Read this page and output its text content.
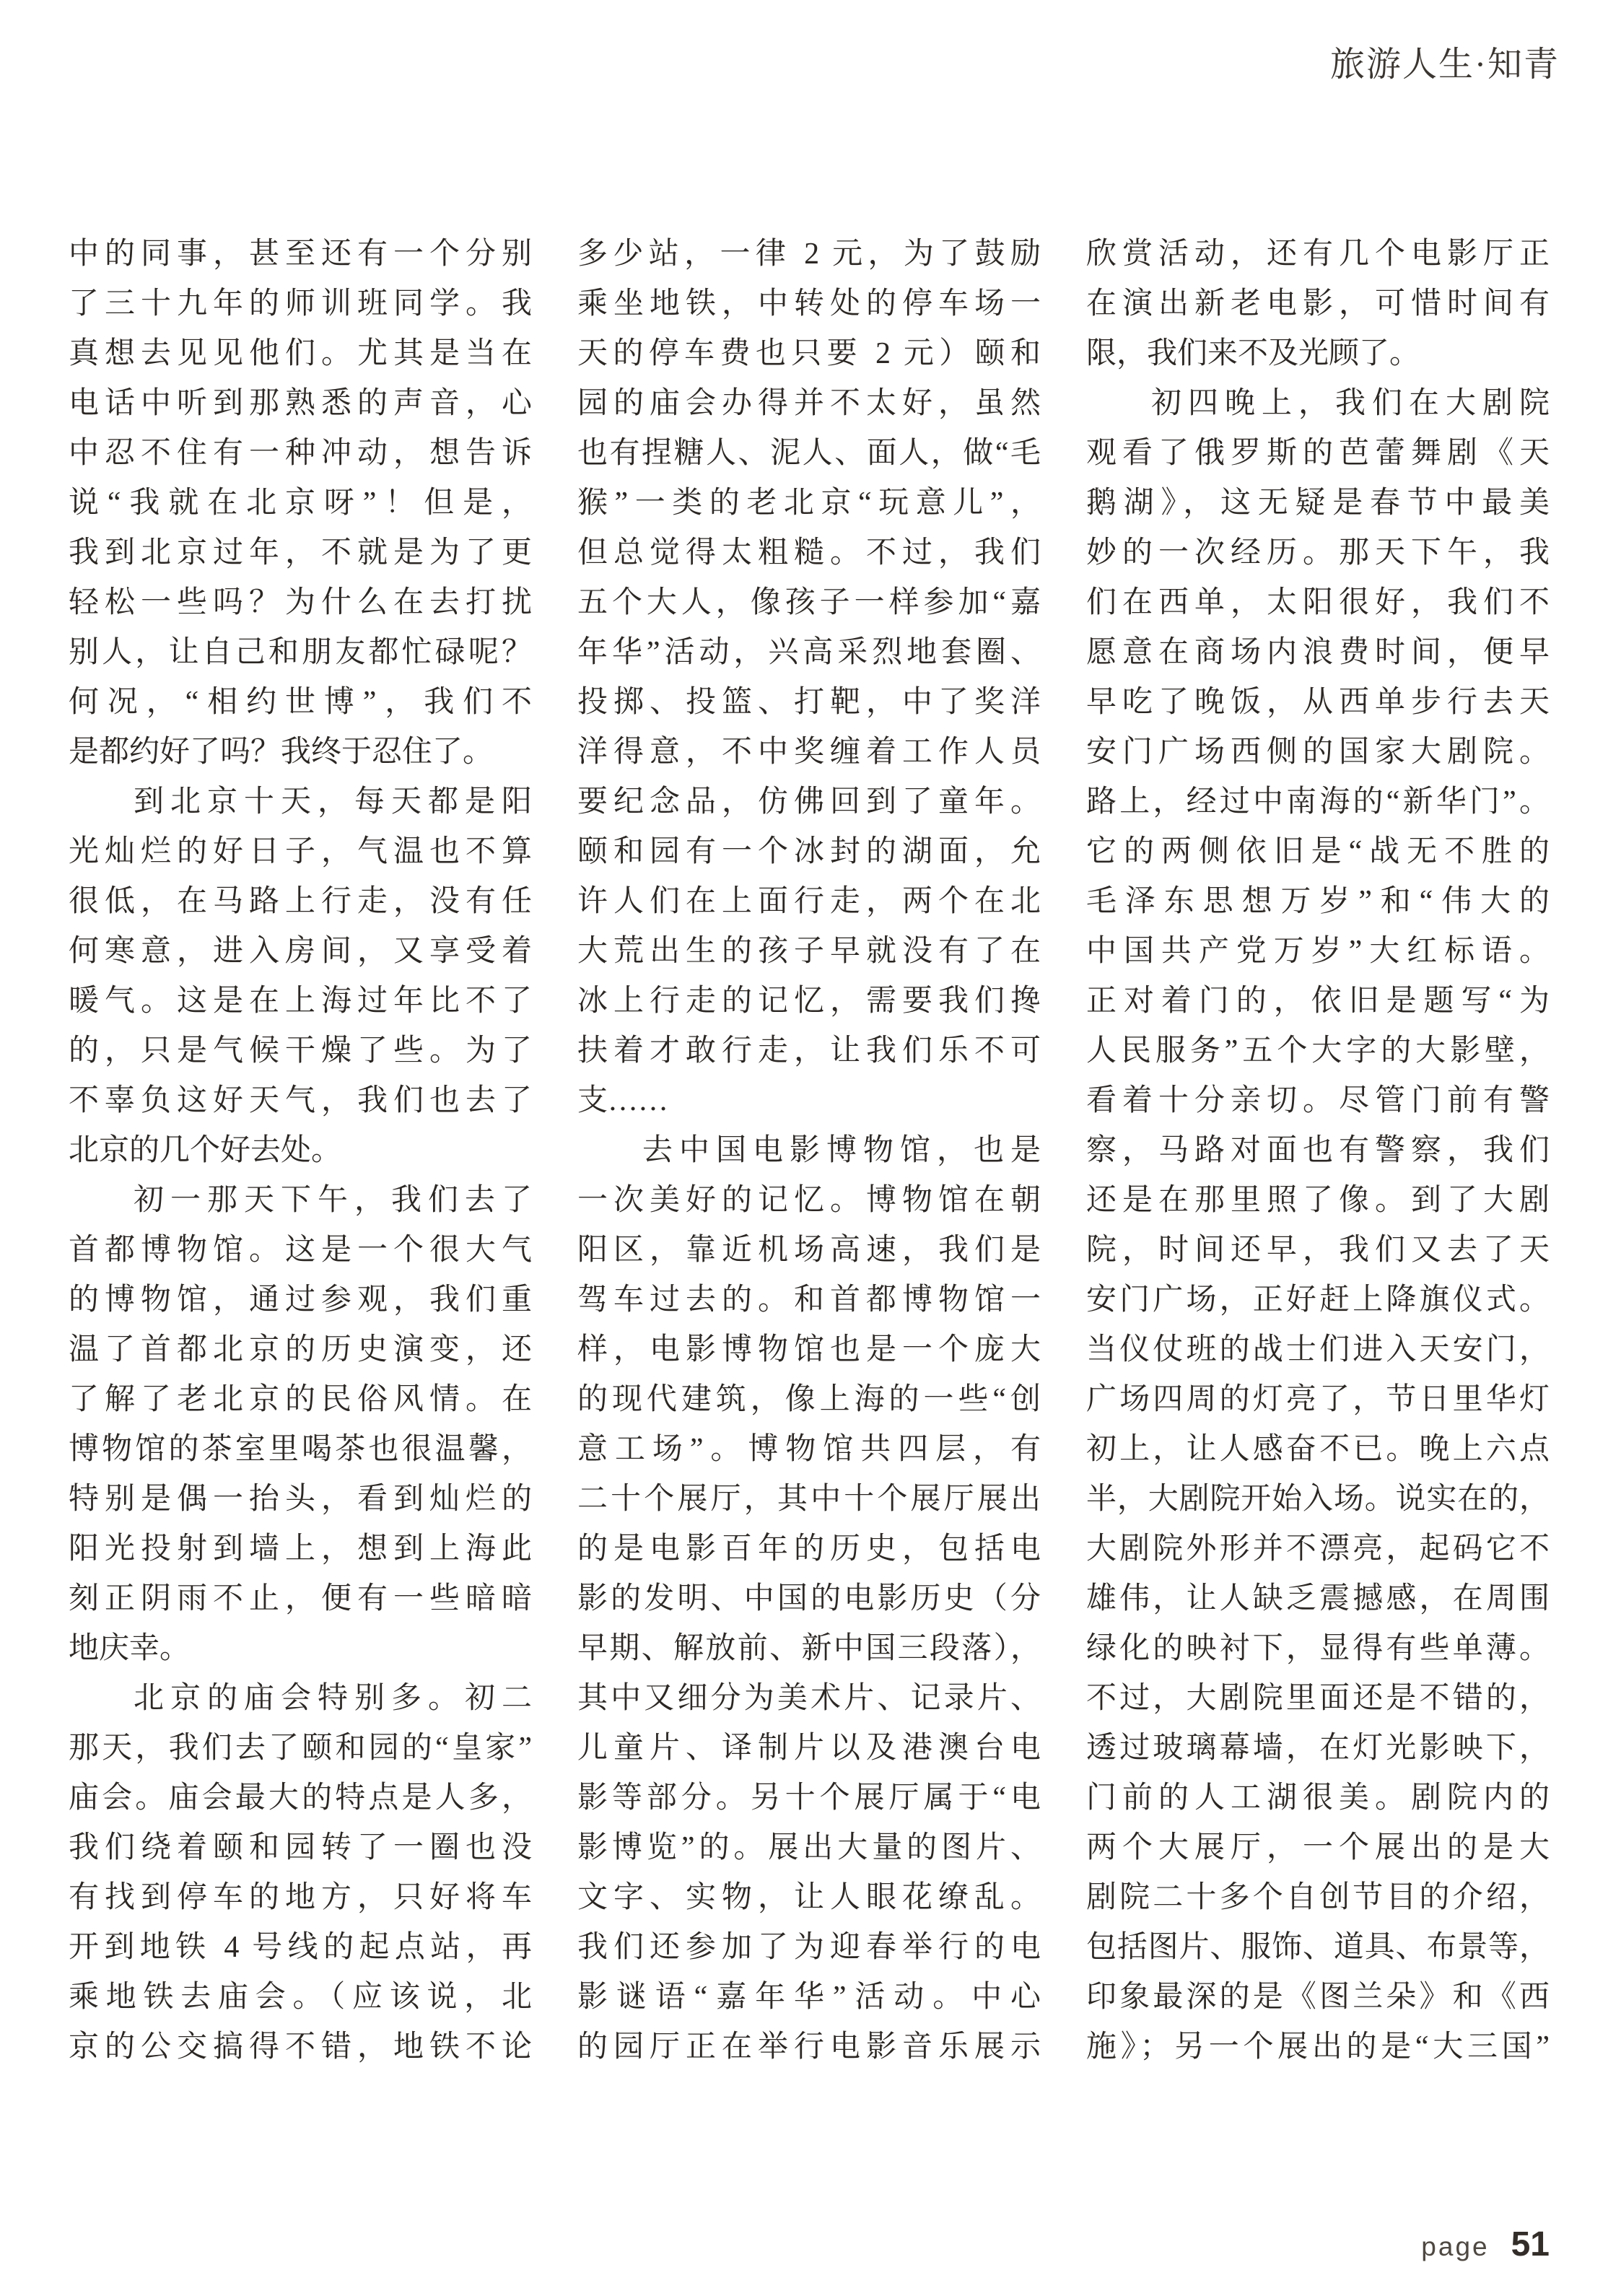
旅游人生·知青
中的同事，甚至还有一个分别
了三十九年的师训班同学。我
真想去见见他们。尤其是当在
电话中听到那熟悉的声音，心
中忍不住有一种冲动，想告诉
说“我就在北京呀”！但是，
我到北京过年，不就是为了更
轻松一些吗？为什么在去打扰
别人，让自己和朋友都忙碌呢？
何况，“相约世博”，我们不
是都约好了吗？我终于忍住了。
到北京十天，每天都是阳
光灿烂的好日子，气温也不算
很低，在马路上行走，没有任
何寒意，进入房间，又享受着
暖气。这是在上海过年比不了
的，只是气候干燥了些。为了
不辜负这好天气，我们也去了
北京的几个好去处。
初一那天下午，我们去了
首都博物馆。这是一个很大气
的博物馆，通过参观，我们重
温了首都北京的历史演变，还
了解了老北京的民俗风情。在
博物馆的茶室里喝茶也很温馨，
特别是偶一抬头，看到灿烂的
阳光投射到墙上，想到上海此
刻正阴雨不止，便有一些暗暗
地庆幸。
北京的庙会特别多。初二
那天，我们去了颐和园的“皇家”
庙会。庙会最大的特点是人多，
我们绕着颐和园转了一圈也没
有找到停车的地方，只好将车
开到地铁 4 号线的起点站，再
乘地铁去庙会。（应该说，北
京的公交搞得不错，地铁不论
多少站，一律 2 元，为了鼓励
乘坐地铁，中转处的停车场一
天的停车费也只要 2 元）颐和
园的庙会办得并不太好，虽然
也有捏糖人、泥人、面人，做“毛
猴”一类的老北京“玩意儿”，
但总觉得太粗糙。不过，我们
五个大人，像孩子一样参加“嘉
年华”活动，兴高采烈地套圈、
投掷、投篮、打靶，中了奖洋
洋得意，不中奖缠着工作人员
要纪念品，仿佛回到了童年。
颐和园有一个冰封的湖面，允
许人们在上面行走，两个在北
大荒出生的孩子早就没有了在
冰上行走的记忆，需要我们搀
扶着才敢行走，让我们乐不可
支……
去中国电影博物馆，也是
一次美好的记忆。博物馆在朝
阳区，靠近机场高速，我们是
驾车过去的。和首都博物馆一
样，电影博物馆也是一个庞大
的现代建筑，像上海的一些“创
意工场”。博物馆共四层，有
二十个展厅，其中十个展厅展出
的是电影百年的历史，包括电
影的发明、中国的电影历史（分
早期、解放前、新中国三段落），
其中又细分为美术片、记录片、
儿童片、译制片以及港澳台电
影等部分。另十个展厅属于“电
影博览”的。展出大量的图片、
文字、实物，让人眼花缭乱。
我们还参加了为迎春举行的电
影谜语“嘉年华”活动。中心
的园厅正在举行电影音乐展示
欣赏活动，还有几个电影厅正
在演出新老电影，可惜时间有
限，我们来不及光顾了。
初四晚上，我们在大剧院
观看了俄罗斯的芭蕾舞剧《天
鹅湖》，这无疑是春节中最美
妙的一次经历。那天下午，我
们在西单，太阳很好，我们不
愿意在商场内浪费时间，便早
早吃了晚饭，从西单步行去天
安门广场西侧的国家大剧院。
路上，经过中南海的“新华门”。
它的两侧依旧是“战无不胜的
毛泽东思想万岁”和“伟大的
中国共产党万岁”大红标语。
正对着门的，依旧是题写“为
人民服务”五个大字的大影壁，
看着十分亲切。尽管门前有警
察，马路对面也有警察，我们
还是在那里照了像。到了大剧
院，时间还早，我们又去了天
安门广场，正好赶上降旗仪式。
当仪仗班的战士们进入天安门，
广场四周的灯亮了，节日里华灯
初上，让人感奋不已。晚上六点
半，大剧院开始入场。说实在的，
大剧院外形并不漂亮，起码它不
雄伟，让人缺乏震撼感，在周围
绿化的映衬下，显得有些单薄。
不过，大剧院里面还是不错的，
透过玻璃幕墙，在灯光影映下，
门前的人工湖很美。剧院内的
两个大展厅，一个展出的是大
剧院二十多个自创节目的介绍，
包括图片、服饰、道具、布景等，
印象最深的是《图兰朵》和《西
施》；另一个展出的是“大三国”
page 51
